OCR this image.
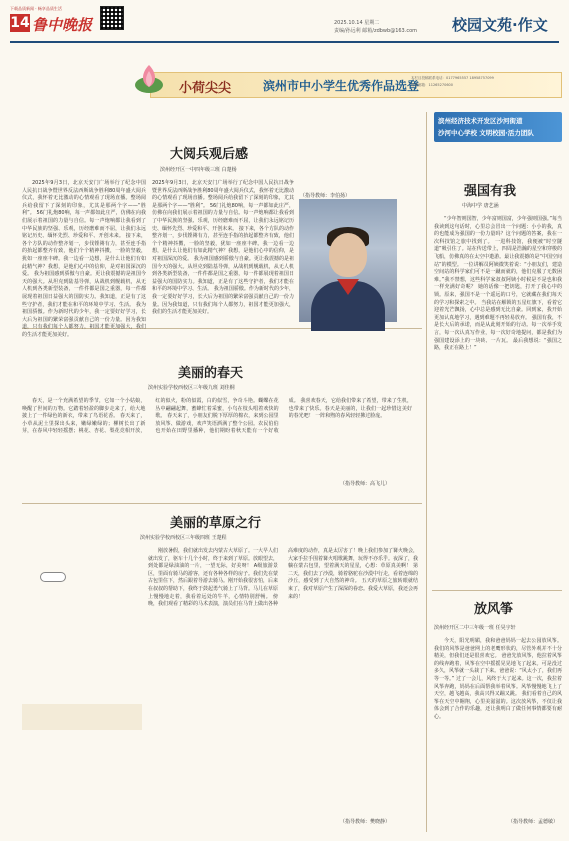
下载品质新闻 · 畅享品质生活
14 鲁中晚报	2025.10.14 星期二
责编/孙远利 邮箱/zdbwb@163.com 校园文苑·作文
小荷尖尖	滨州市中小学生优秀作品选登
本栏目投稿联系电话：0177965557 18958757099
投稿邮箱：11265270600
滨州经济技术开发区沙河街道
沙河中心学校 文明校园·活力团队
大阅兵观后感
滨州经开区一中四年级三班 白楚杨
2025年9月3日，北京天安门广场举行了纪念中国人民抗日战争暨世界反法西斯战争胜利80周年盛大阅兵仪式，我怀着无比激动的心情观看了现场直播。整场阅兵给我留下了深刻的印象，尤其是那两个字——“胜利”。 56门礼炮80响，每一声都如此庄严，仿佛在向我们展示着祖国的力量与自信。每一声炮响都让我看到了中华民族的坚强、乐观，历经磨难而不屈，让我们永远铭记历史、缅怀先烈、珍爱和平、开创未来。 接下来，各个方队的动作整齐划一，步伐铿锵有力，甚至连手指的抬起都整齐有致，他们个个精神抖擞，一脸的坚毅，犹如一座座丰碑。我一边看一边想，是什么让他们有如此精气神？我想，是他们心中的信仰，是对祖国深沉的爱。 我为祖国感到骄傲与自豪。更让我震撼的是祖国今天的强大。从坦克到陆基导弹，从战机到舰载机，从无人机到各类新型装备，一件件都是国之重器，每一件都展现着祖国日益强大的国防实力。我知道，正是有了这些守护者，我们才能在和平的环境中学习、生活。 我为祖国骄傲。作为新时代的少年，我一定要好好学习，长大后为祖国的繁荣富强贡献自己的一份力量。因为我知道，只有我们每个人都努力，祖国才能更加强大，我们的生活才能更加美好。
2025年9月3日，北京天安门广场举行了纪念中国人民抗日战争暨世界反法西斯战争胜利80周年盛大阅兵仪式，我怀着无比激动的心情观看了现场直播。整场阅兵给我留下了深刻的印象，尤其是那两个字——“胜利”。 56门礼炮80响，每一声都如此庄严，仿佛在向我们展示着祖国的力量与自信。每一声炮响都让我看到了中华民族的坚强、乐观，历经磨难而不屈，让我们永远铭记历史、缅怀先烈、珍爱和平、开创未来。 接下来，各个方队的动作整齐划一，步伐铿锵有力，甚至连手指的抬起都整齐有致，他们个个精神抖擞，一脸的坚毅，犹如一座座丰碑。我一边看一边想，是什么让他们有如此精气神？我想，是他们心中的信仰，是对祖国深沉的爱。 我为祖国感到骄傲与自豪。更让我震撼的是祖国今天的强大。从坦克到陆基导弹，从战机到舰载机，从无人机到各类新型装备，一件件都是国之重器，每一件都展现着祖国日益强大的国防实力。我知道，正是有了这些守护者，我们才能在和平的环境中学习、生活。 我为祖国骄傲。作为新时代的少年，我一定要好好学习，长大后为祖国的繁荣富强贡献自己的一份力量。因为我知道，只有我们每个人都努力，祖国才能更加强大，我们的生活才能更加美好。
（指导教师：李伯扬）
美丽的春天
滨州实验学校西校区三年级九班 刘佳桐
春天，是一个充满希望的季节，它如一个小姑娘，唤醒了世间的万物。它踏着轻盈的脚步走来了，给大地披上了一件绿色的新衣，带来了鸟语花香。 春天来了，小草从泥土里探出头来，嫩绿嫩绿的；柳树长出了新芽，在春风中轻轻摇摆；桃花、杏花、梨花竞相开放，红的似火，粉的似霞，白的似雪，争奇斗艳。蝴蝶在花丛中翩翩起舞，蜜蜂忙着采蜜，小鸟在枝头唱着欢快的歌。 春天来了，小朋友们脱下厚厚的棉衣，来到公园里放风筝、做游戏，欢声笑语洒满了整个公园。农民伯伯也开始在田野里播种，他们期盼着秋天能有一个好收成。 我喜欢春天，它给我们带来了希望，带来了生机，也带来了快乐。春天是美丽的，让我们一起珍惜这美好的春光吧！ 一阵和煦的春风轻轻拂过脸庞。
（指导教师：高飞儿）
美丽的草原之行
滨州实验学校西校区三年级四班 王楚程
刚放暑假，我们就出发去内蒙古大草原了。一大早人们就出发了，驱车十几个小时，终于来到了草原。放眼望去，到处都是绿油油的一片，一望无际，好美呀！ A级旅游景区，里面有骑马的游客，还有各种各样的房子。我们先在蒙古包里住下，然后跟着导游去骑马。刚开始我很害怕，后来在叔叔的帮助下，我终于鼓起勇气骑上了马背。马儿在草原上慢慢地走着，我看着远处的牛羊，心情特别舒畅。 傍晚，我们观看了精彩的马术表演，演员们在马背上做出各种高难度的动作，真是太厉害了！晚上我们参加了篝火晚会，大家手拉手围着篝火唱歌跳舞，玩得不亦乐乎。夜深了，我躺在蒙古包里，望着满天的星星，心想：草原真美啊！ 第二天，我们去了沙漠，骑着骆驼在沙漠中行走，看着连绵的沙丘，感受到了大自然的神奇。 五天的草原之旅转眼就结束了，我对草原产生了深深的眷恋。我爱大草原，我还会再来的！
（指导教师：樊晓静）
强国有我
中海中学 唐艺涵
“少年智则国智，少年富则国富，少年强则国强。”每当我读到这句话时，心里总会冒出一个问题：小小的我，真的也能成为强国的一份力量吗？这个问题的答案，我在一次科技馆之旅中找到了。 一进科技馆，我便被“时空隧道”吸引住了。站在传送带上，四周是浩瀚的星空和穿梭的飞船，仿佛真的在太空中遨游。最让我震撼的是“中国空间站”的模型。 一位讲解员阿姨微笑着说：“小朋友们，建造空间站的科学家们可不是一蹴而就的，他们克服了无数困难。”我不禁想，这些科学家叔叔阿姨小时候是不是也和我一样充满好奇呢？ 她的话像一把钥匙，打开了我心中的锁。原来，强国不是一个遥远的口号，它就藏在我们每天的学习和探索之中。 当我站在解锁的五星红旗下，看着它迎着光芒飘扬，心中总是感到无比自豪。回到家，我开始更加认真地学习，遇到难题不再轻易放弃。 强国有我，不是长大后的承诺，而是从此刻开始的行动。每一次举手发言，每一次认真写作业，每一次好奇地提问，都是我们为强国建设添上的一块砖、一片瓦。 最后我想说：“强国之路，我正在路上！”
放风筝
滨州经开区二中三年级一班 任昊宇轩
今天，阳光明媚，我和爸爸妈妈一起去公园放风筝。我们的风筝是爸爸网上的老鹰形状的，尽管外观并不十分精美，但我们还是很喜欢它。 爸爸先放风筝，他拉着风筝的线奔跑着，风筝在空中摇摇晃晃地飞了起来。可是没过多久，风筝就一头栽了下来。爸爸说：“风太小了，我们再等一等。” 过了一会儿，风终于大了起来。这一次，我拉着风筝奔跑，妈妈在后面帮我举着风筝。风筝慢慢地飞上了天空，越飞越高，我高兴得又蹦又跳。 我们看着自己的风筝在天空中翱翔，心里美滋滋的。这次放风筝，不仅让我体会到了合作的乐趣，还让我明白了做任何事情都要有耐心。
（指导教师：孟德敏）
